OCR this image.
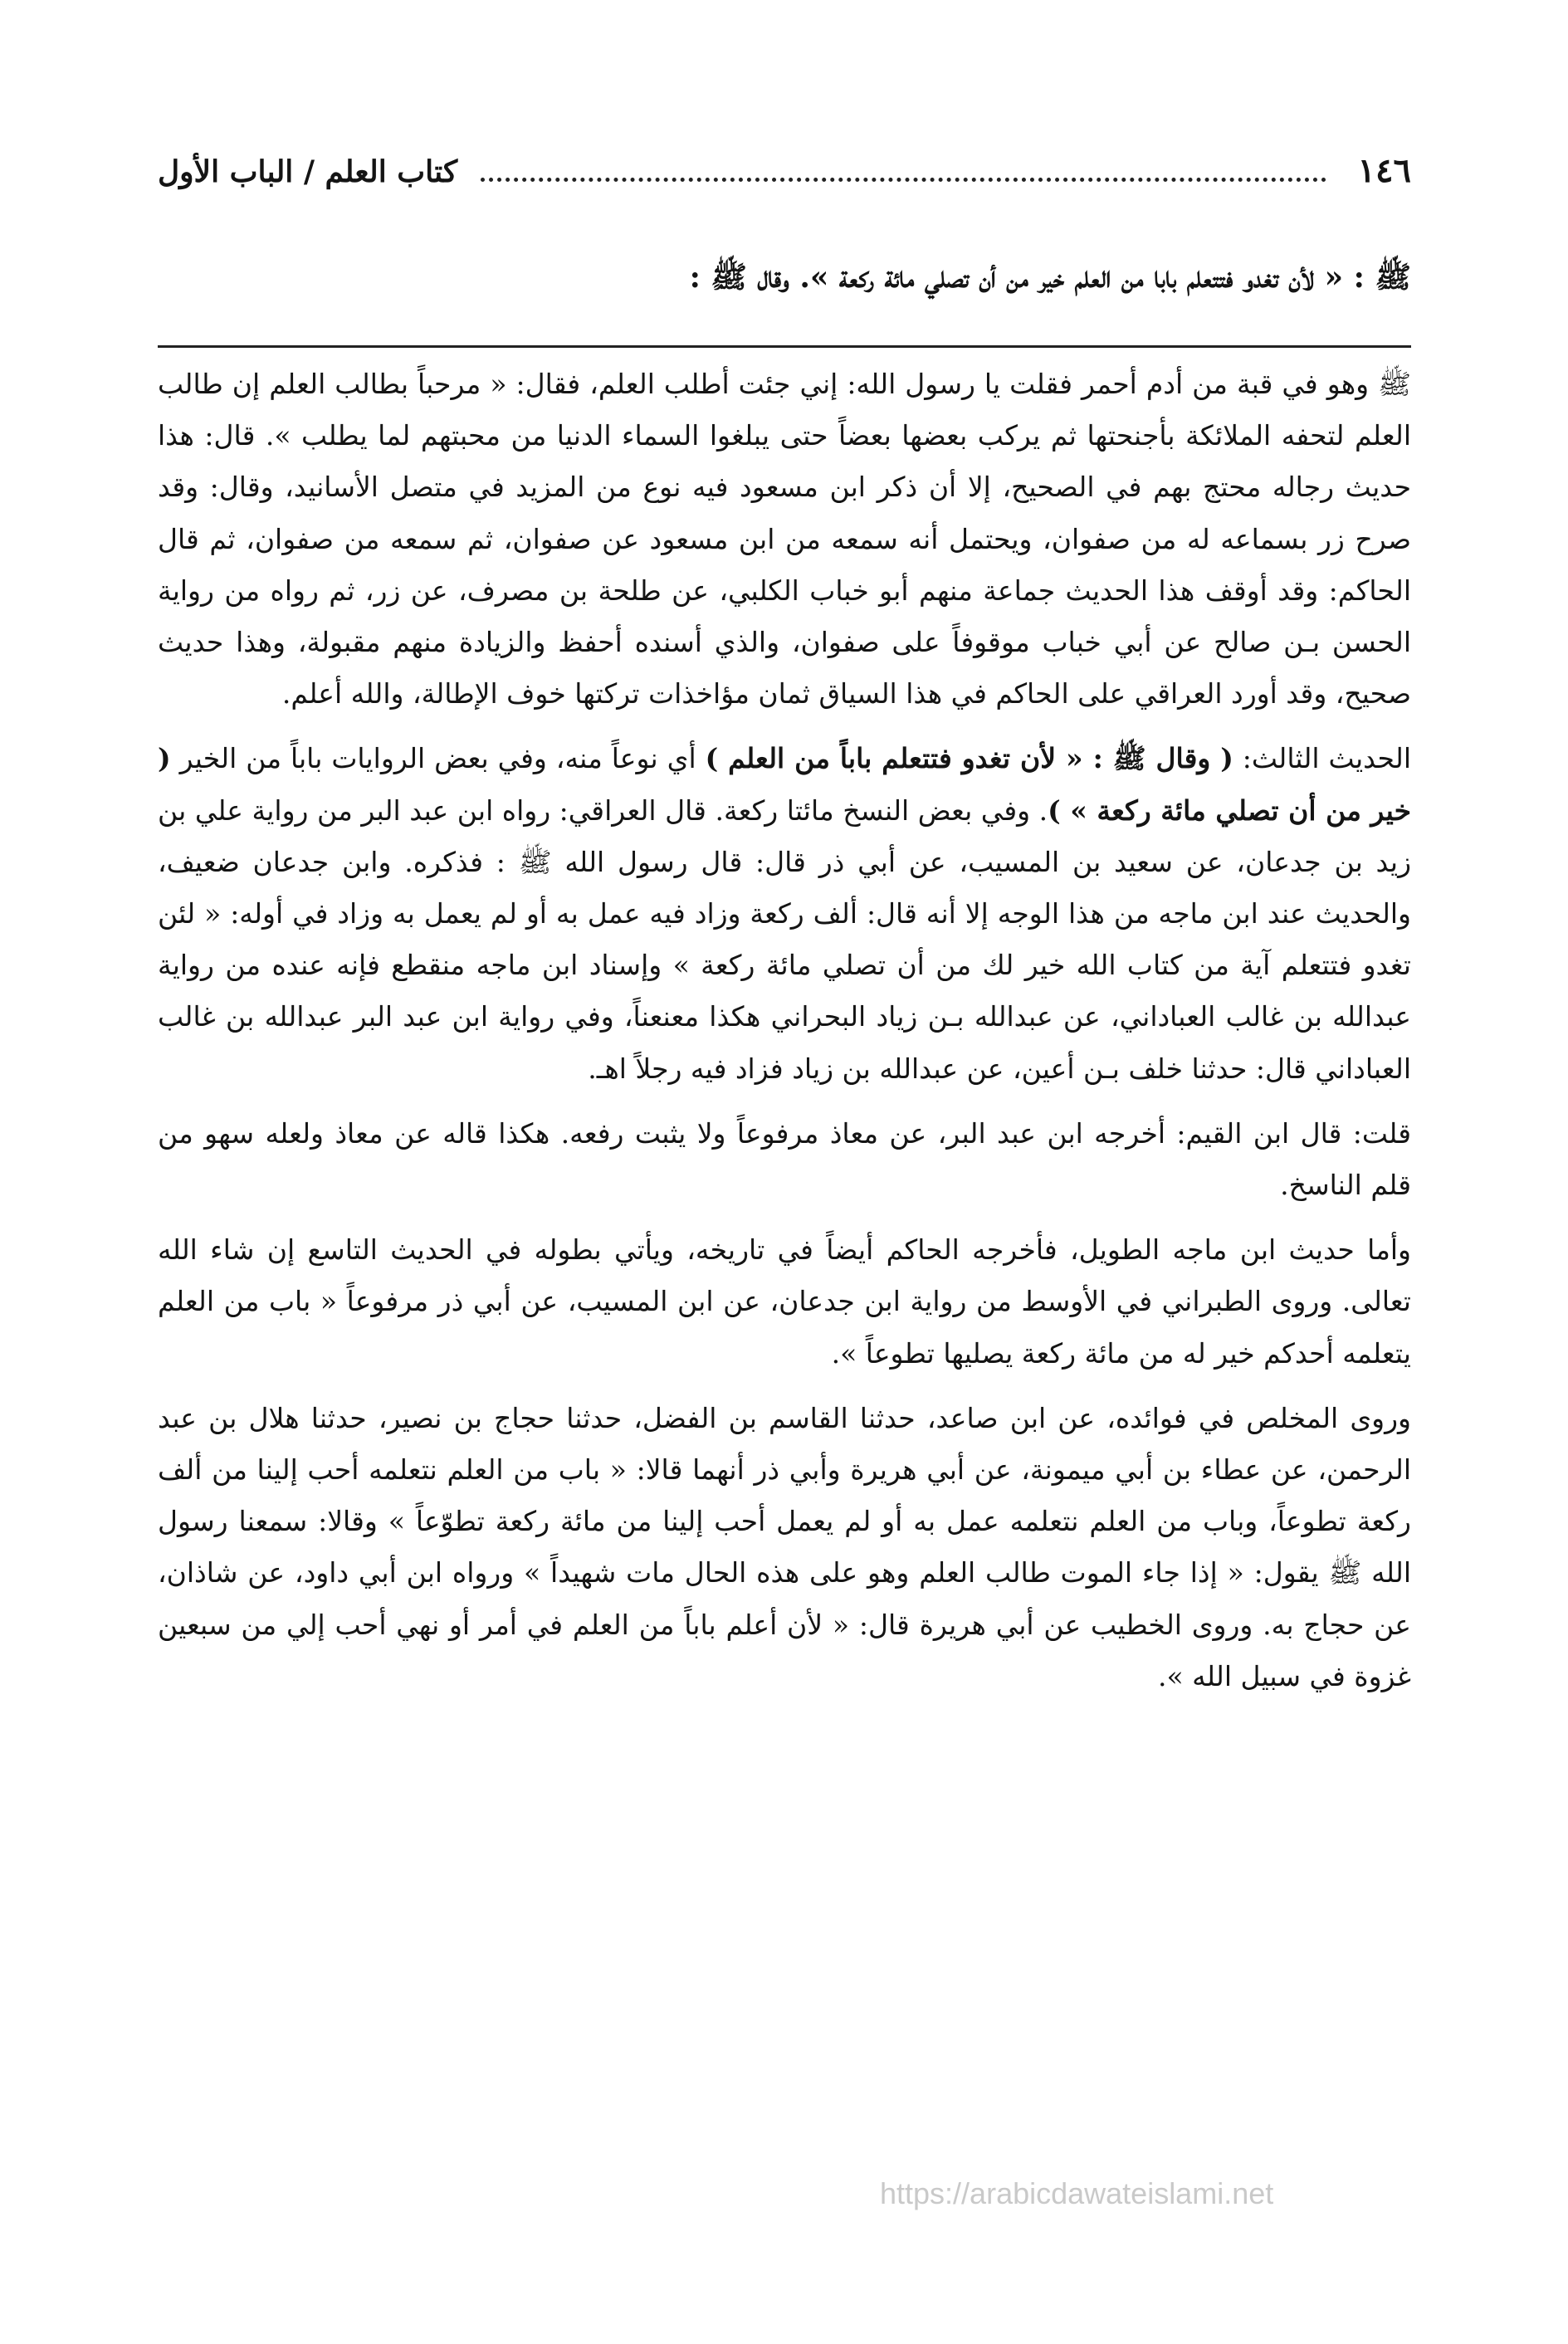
١٤٦
كتاب العلم / الباب الأول
ﷺ : « لأن تغدو فتتعلم بابا من العلم خير من أن تصلي مائة ركعة ». وقال ﷺ :

ﷺ وهو في قبة من أدم أحمر فقلت يا رسول الله: إني جئت أطلب العلم، فقال: « مرحباً بطالب العلم إن طالب العلم لتحفه الملائكة بأجنحتها ثم يركب بعضها بعضاً حتى يبلغوا السماء الدنيا من محبتهم لما يطلب ». قال: هذا حديث رجاله محتج بهم في الصحيح، إلا أن ذكر ابن مسعود فيه نوع من المزيد في متصل الأسانيد، وقال: وقد صرح زر بسماعه له من صفوان، ويحتمل أنه سمعه من ابن مسعود عن صفوان، ثم سمعه من صفوان، ثم قال الحاكم: وقد أوقف هذا الحديث جماعة منهم أبو خباب الكلبي، عن طلحة بن مصرف، عن زر، ثم رواه من رواية الحسن بـن صالح عن أبي خباب موقوفاً على صفوان، والذي أسنده أحفظ والزيادة منهم مقبولة، وهذا حديث صحيح، وقد أورد العراقي على الحاكم في هذا السياق ثمان مؤاخذات تركتها خوف الإطالة، والله أعلم.

الحديث الثالث: ( وقال ﷺ : « لأن تغدو فتتعلم باباً من العلم ) أي نوعاً منه، وفي بعض الروايات باباً من الخير ( خير من أن تصلي مائة ركعة » ). وفي بعض النسخ مائتا ركعة. قال العراقي: رواه ابن عبد البر من رواية علي بن زيد بن جدعان، عن سعيد بن المسيب، عن أبي ذر قال: قال رسول الله ﷺ : فذكره. وابن جدعان ضعيف، والحديث عند ابن ماجه من هذا الوجه إلا أنه قال: ألف ركعة وزاد فيه عمل به أو لم يعمل به وزاد في أوله: « لئن تغدو فتتعلم آية من كتاب الله خير لك من أن تصلي مائة ركعة » وإسناد ابن ماجه منقطع فإنه عنده من رواية عبدالله بن غالب العباداني، عن عبدالله بـن زياد البحراني هكذا معنعناً، وفي رواية ابن عبد البر عبدالله بن غالب العباداني قال: حدثنا خلف بـن أعين، عن عبدالله بن زياد فزاد فيه رجلاً اهـ.

قلت: قال ابن القيم: أخرجه ابن عبد البر، عن معاذ مرفوعاً ولا يثبت رفعه. هكذا قاله عن معاذ ولعله سهو من قلم الناسخ.

وأما حديث ابن ماجه الطويل، فأخرجه الحاكم أيضاً في تاريخه، ويأتي بطوله في الحديث التاسع إن شاء الله تعالى. وروى الطبراني في الأوسط من رواية ابن جدعان، عن ابن المسيب، عن أبي ذر مرفوعاً « باب من العلم يتعلمه أحدكم خير له من مائة ركعة يصليها تطوعاً ».

وروى المخلص في فوائده، عن ابن صاعد، حدثنا القاسم بن الفضل، حدثنا حجاج بن نصير، حدثنا هلال بن عبد الرحمن، عن عطاء بن أبي ميمونة، عن أبي هريرة وأبي ذر أنهما قالا: « باب من العلم نتعلمه أحب إلينا من ألف ركعة تطوعاً، وباب من العلم نتعلمه عمل به أو لم يعمل أحب إلينا من مائة ركعة تطوّعاً » وقالا: سمعنا رسول الله ﷺ يقول: « إذا جاء الموت طالب العلم وهو على هذه الحال مات شهيداً » ورواه ابن أبي داود، عن شاذان، عن حجاج به. وروى الخطيب عن أبي هريرة قال: « لأن أعلم باباً من العلم في أمر أو نهي أحب إلي من سبعين غزوة في سبيل الله ».

https://arabicdawateislami.net
